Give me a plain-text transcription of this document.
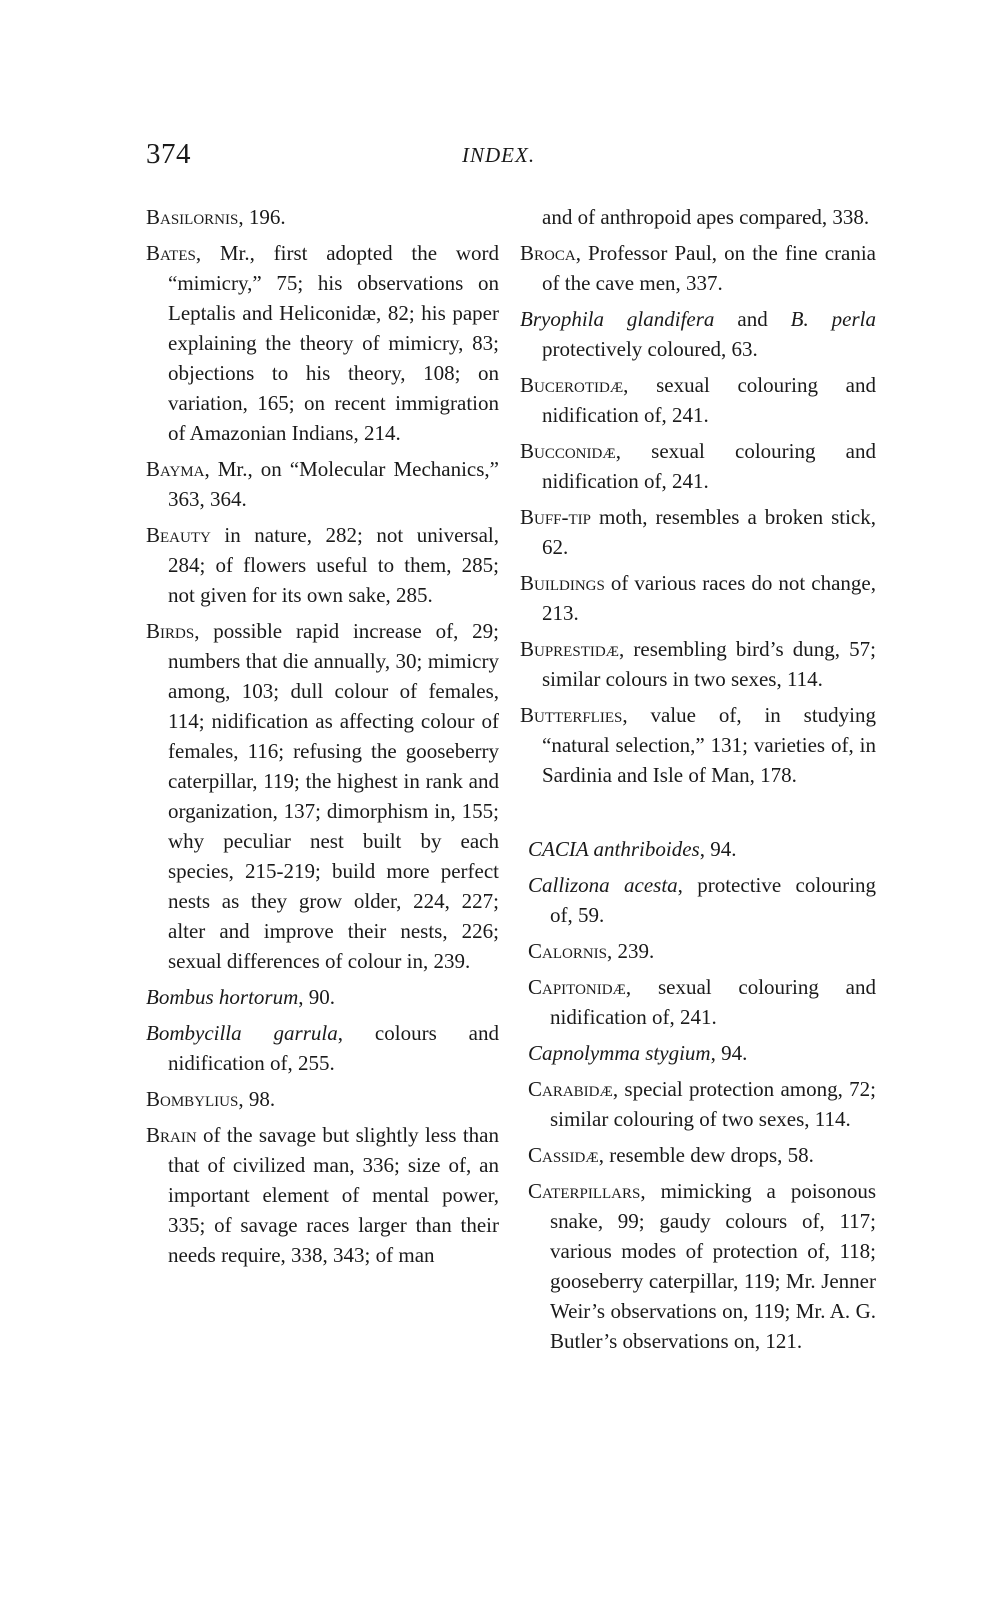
374	INDEX.

Basilornis, 196.

Bates, Mr., first adopted the word “mimicry,” 75; his observations on Leptalis and Heliconidæ, 82; his paper explaining the theory of mimicry, 83; objections to his theory, 108; on variation, 165; on recent immigration of Amazonian Indians, 214.

Bayma, Mr., on “Molecular Mechanics,” 363, 364.

Beauty in nature, 282; not universal, 284; of flowers useful to them, 285; not given for its own sake, 285.

Birds, possible rapid increase of, 29; numbers that die annually, 30; mimicry among, 103; dull colour of females, 114; nidification as affecting colour of females, 116; refusing the gooseberry caterpillar, 119; the highest in rank and organization, 137; dimorphism in, 155; why peculiar nest built by each species, 215-219; build more perfect nests as they grow older, 224, 227; alter and improve their nests, 226; sexual differences of colour in, 239.

Bombus hortorum, 90.

Bombycilla garrula, colours and nidification of, 255.

Bombylius, 98.

Brain of the savage but slightly less than that of civilized man, 336; size of, an important element of mental power, 335; of savage races larger than their needs require, 338, 343; of man

and of anthropoid apes compared, 338.

Broca, Professor Paul, on the fine crania of the cave men, 337.

Bryophila glandifera and B. perla protectively coloured, 63.

Bucerotidæ, sexual colouring and nidification of, 241.

Bucconidæ, sexual colouring and nidification of, 241.

Buff-tip moth, resembles a broken stick, 62.

Buildings of various races do not change, 213.

Buprestidæ, resembling bird’s dung, 57; similar colours in two sexes, 114.

Butterflies, value of, in studying “natural selection,” 131; varieties of, in Sardinia and Isle of Man, 178.

CACIA anthriboides, 94.

Callizona acesta, protective colouring of, 59.

Calornis, 239.

Capitonidæ, sexual colouring and nidification of, 241.

Capnolymma stygium, 94.

Carabidæ, special protection among, 72; similar colouring of two sexes, 114.

Cassidæ, resemble dew drops, 58.

Caterpillars, mimicking a poisonous snake, 99; gaudy colours of, 117; various modes of protection of, 118; gooseberry caterpillar, 119; Mr. Jenner Weir’s observations on, 119; Mr. A. G. Butler’s observations on, 121.
